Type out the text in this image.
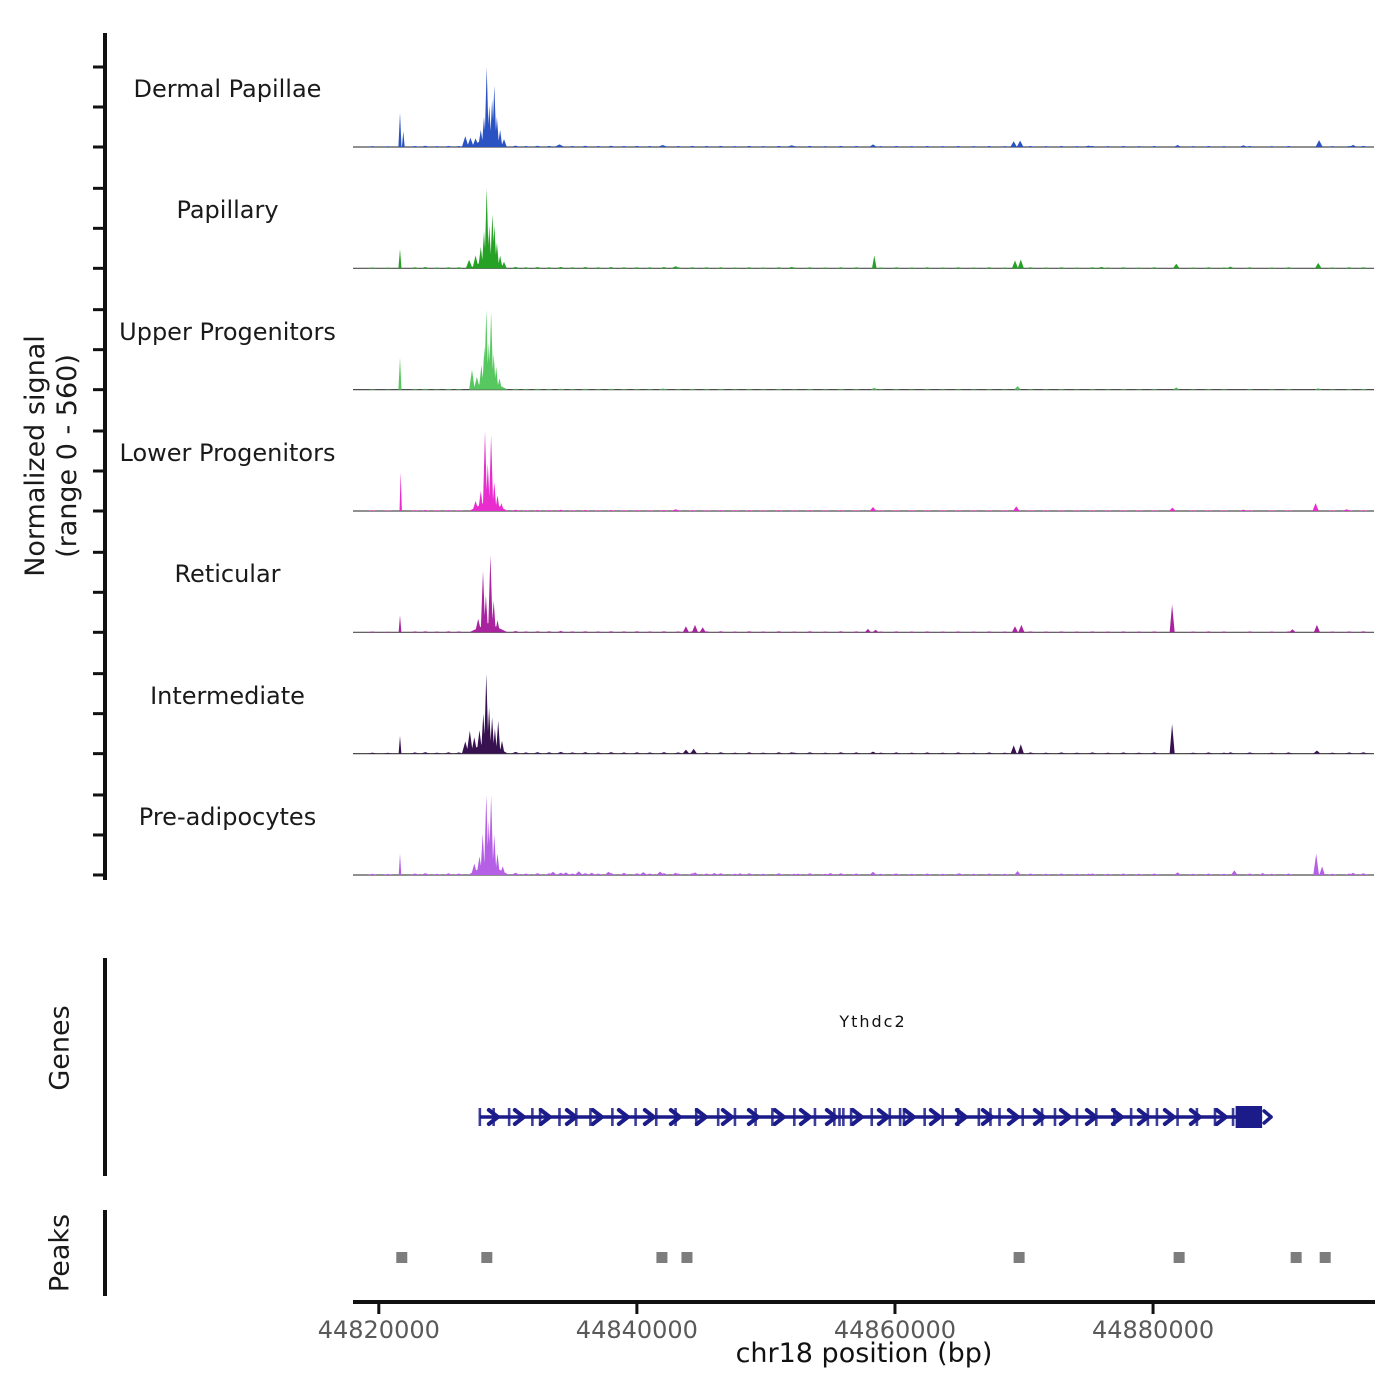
Normalized signal (range 0 - 560)
Genes
Peaks
Ythdc2
chr18 position (bp)
Dermal Papillae
Papillary
Upper Progenitors
Lower Progenitors
Reticular
Intermediate
Pre-adipocytes
44820000	44840000	44860000	44880000
